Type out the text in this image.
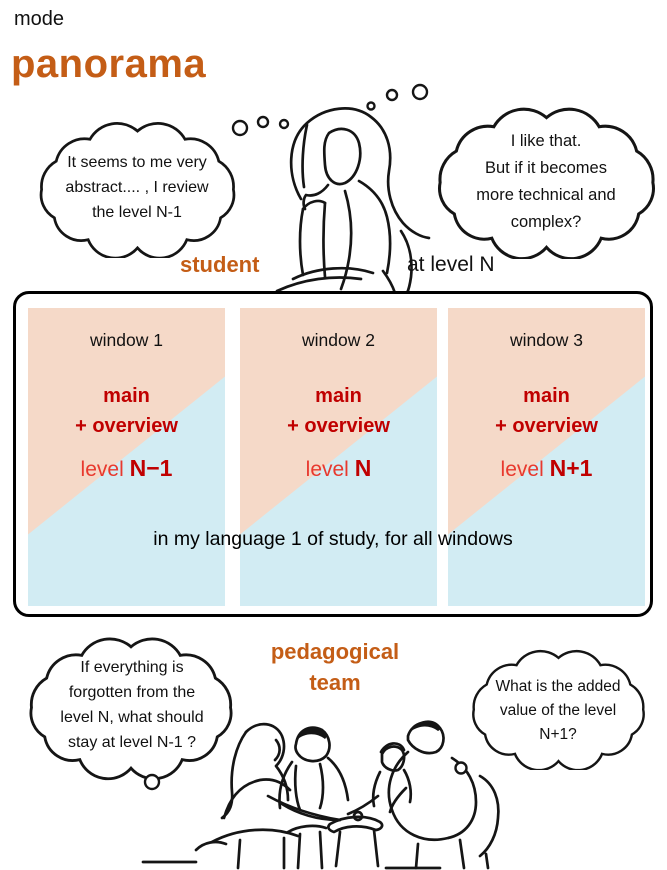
mode
panorama
It seems to me very
abstract.... , I review
the level N-1
I like that.
But if it becomes
more technical and
complex?
student	at level N
window 1
main
+ overview
level N−1
window 2
main
+ overview
level N
window 3
main
+ overview
level N+1
in my language 1 of study, for all windows
pedagogical
team
If everything is
forgotten from the
level N, what should
stay at level N-1 ?
What is the added
value of the level
N+1?
